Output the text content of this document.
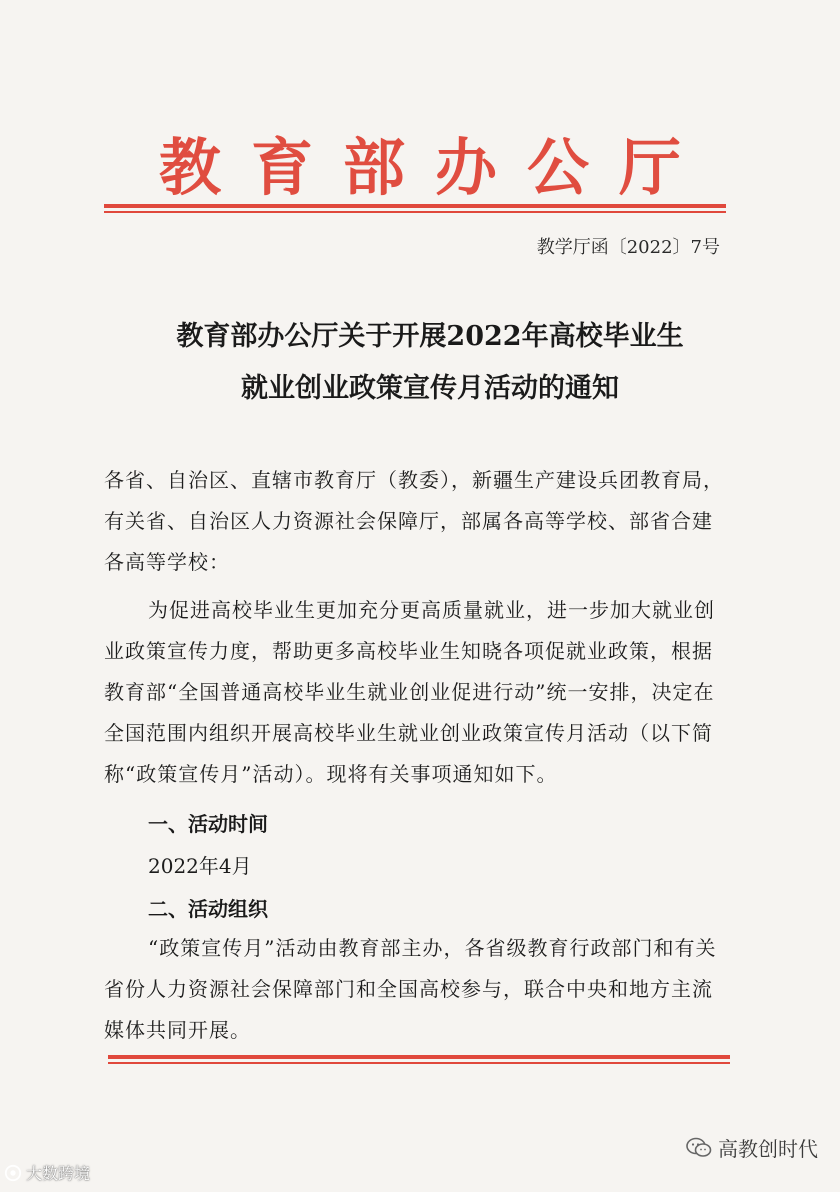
教育部办公厅
教学厅函〔2022〕7号
教育部办公厅关于开展2022年高校毕业生
就业创业政策宣传月活动的通知
各省、自治区、直辖市教育厅（教委），新疆生产建设兵团教育局，有关省、自治区人力资源社会保障厅，部属各高等学校、部省合建各高等学校：
为促进高校毕业生更加充分更高质量就业，进一步加大就业创业政策宣传力度，帮助更多高校毕业生知晓各项促就业政策，根据教育部“全国普通高校毕业生就业创业促进行动”统一安排，决定在全国范围内组织开展高校毕业生就业创业政策宣传月活动（以下简称“政策宣传月”活动）。现将有关事项通知如下。
一、活动时间
2022年4月
二、活动组织
“政策宣传月”活动由教育部主办，各省级教育行政部门和有关省份人力资源社会保障部门和全国高校参与，联合中央和地方主流媒体共同开展。
大数跨境
高教创时代
